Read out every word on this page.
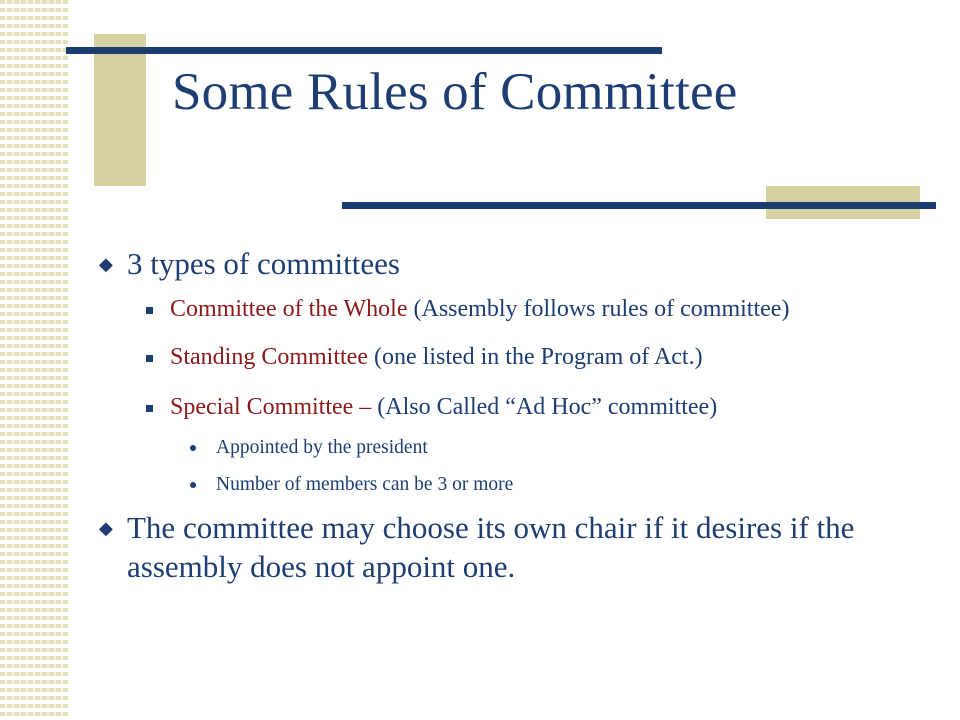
Some Rules of Committee
◆ 3 types of committees
Committee of the Whole (Assembly follows rules of committee)
Standing Committee (one listed in the Program of Act.)
Special Committee – (Also Called “Ad Hoc” committee)
Appointed by the president
Number of members can be 3 or more
◆ The committee may choose its own chair if it desires if the assembly does not appoint one.
